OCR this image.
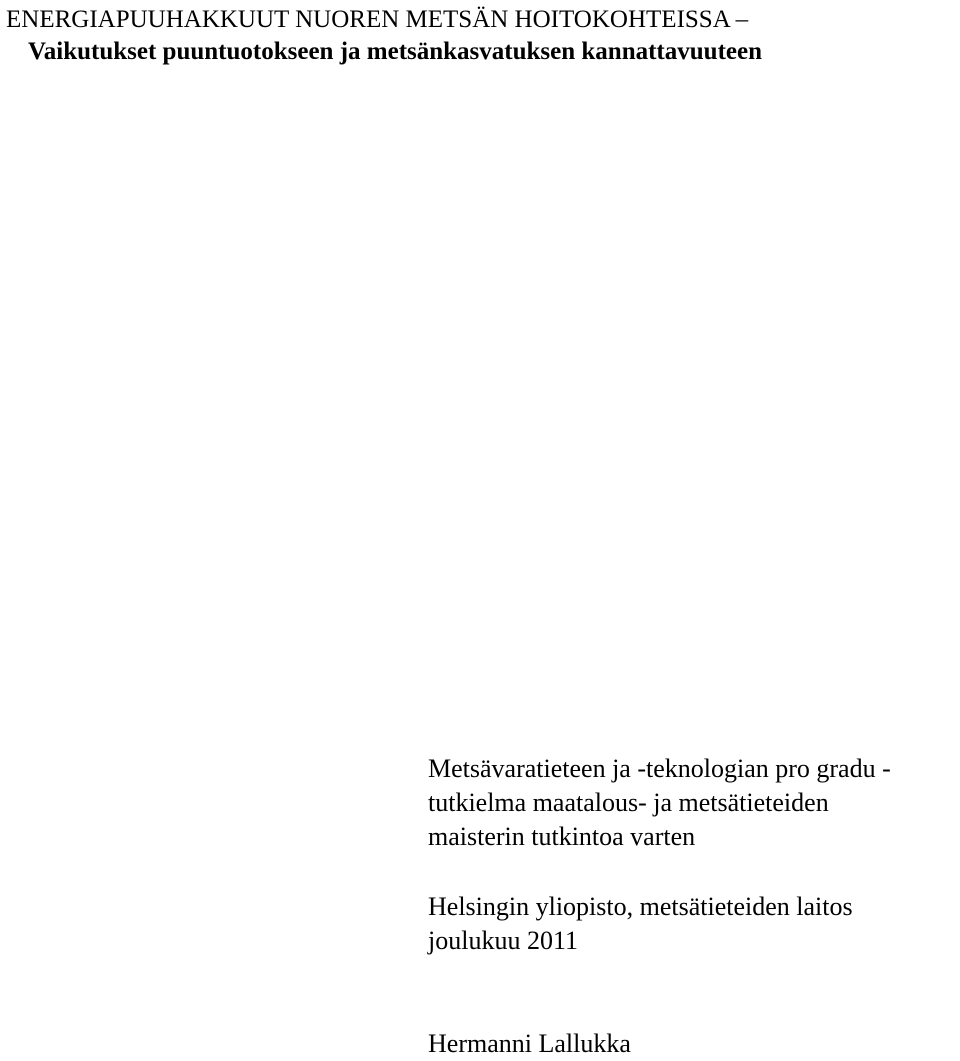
ENERGIAPUUHAKKUUT NUOREN METSÄN HOITOKOHTEISSA –
Vaikutukset puuntuotokseen ja metsänkasvatuksen kannattavuuteen
Metsävaratieteen ja -teknologian pro gradu -
tutkielma maatalous- ja metsätieteiden
maisterin tutkintoa varten
Helsingin yliopisto, metsätieteiden laitos
joulukuu 2011
Hermanni Lallukka
